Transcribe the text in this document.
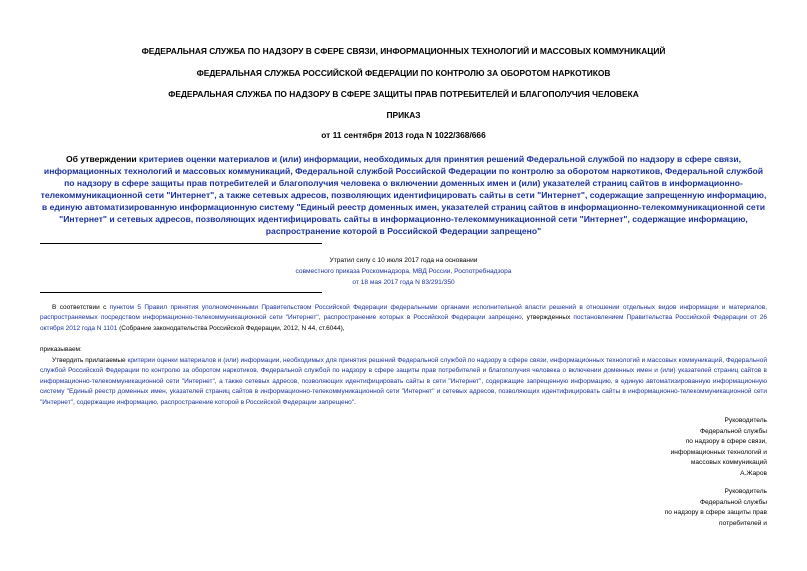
ФЕДЕРАЛЬНАЯ СЛУЖБА ПО НАДЗОРУ В СФЕРЕ СВЯЗИ, ИНФОРМАЦИОННЫХ ТЕХНОЛОГИЙ И МАССОВЫХ КОММУНИКАЦИЙ
ФЕДЕРАЛЬНАЯ СЛУЖБА РОССИЙСКОЙ ФЕДЕРАЦИИ ПО КОНТРОЛЮ ЗА ОБОРОТОМ НАРКОТИКОВ
ФЕДЕРАЛЬНАЯ СЛУЖБА ПО НАДЗОРУ В СФЕРЕ ЗАЩИТЫ ПРАВ ПОТРЕБИТЕЛЕЙ И БЛАГОПОЛУЧИЯ ЧЕЛОВЕКА
ПРИКАЗ
от 11 сентября 2013 года N 1022/368/666
Об утверждении критериев оценки материалов и (или) информации, необходимых для принятия решений Федеральной службой по надзору в сфере связи, информационных технологий и массовых коммуникаций, Федеральной службой Российской Федерации по контролю за оборотом наркотиков, Федеральной службой по надзору в сфере защиты прав потребителей и благополучия человека о включении доменных имен и (или) указателей страниц сайтов в информационно-телекоммуникационной сети "Интернет", а также сетевых адресов, позволяющих идентифицировать сайты в сети "Интернет", содержащие запрещенную информацию, в единую автоматизированную информационную систему "Единый реестр доменных имен, указателей страниц сайтов в информационно-телекоммуникационной сети "Интернет" и сетевых адресов, позволяющих идентифицировать сайты в информационно-телекоммуникационной сети "Интернет", содержащие информацию, распространение которой в Российской Федерации запрещено"
Утратил силу с 10 июля 2017 года на основании
совместного приказа Роскомнадзора, МВД России, Роспотребнадзора
от 18 мая 2017 года N 83/291/350
В соответствии с пунктом 5 Правил принятия уполномоченными Правительством Российской Федерации федеральными органами исполнительной власти решений в отношении отдельных видов информации и материалов, распространяемых посредством информационно-телекоммуникационной сети "Интернет", распространение которых в Российской Федерации запрещено, утвержденных постановлением Правительства Российской Федерации от 26 октября 2012 года N 1101 (Собрание законодательства Российской Федерации, 2012, N 44, ст.6044),
приказываем:
Утвердить прилагаемые критерии оценки материалов и (или) информации, необходимых для принятия решений Федеральной службой по надзору в сфере связи, информационных технологий и массовых коммуникаций, Федеральной службой Российской Федерации по контролю за оборотом наркотиков, Федеральной службой по надзору в сфере защиты прав потребителей и благополучия человека о включении доменных имен и (или) указателей страниц сайтов в информационно-телекоммуникационной сети "Интернет", а также сетевых адресов, позволяющих идентифицировать сайты в сети "Интернет", содержащие запрещенную информацию, в единую автоматизированную информационную систему "Единый реестр доменных имен, указателей страниц сайтов в информационно-телекоммуникационной сети "Интернет" и сетевых адресов, позволяющих идентифицировать сайты в информационно-телекоммуникационной сети "Интернет", содержащие информацию, распространение которой в Российской Федерации запрещено".
Руководитель
Федеральной службы
по надзору в сфере связи,
информационных технологий и
массовых коммуникаций
А.Жаров
Руководитель
Федеральной службы
по надзору в сфере защиты прав
потребителей и
